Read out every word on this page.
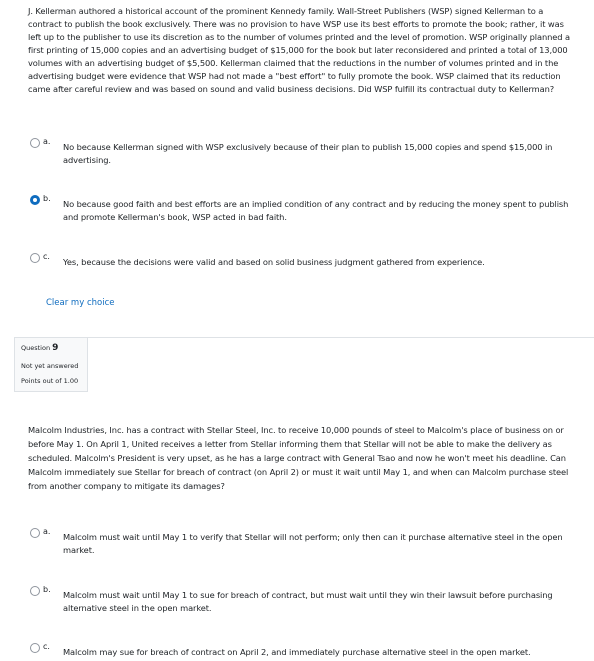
J. Kellerman authored a historical account of the prominent Kennedy family. Wall-Street Publishers (WSP) signed Kellerman to a contract to publish the book exclusively. There was no provision to have WSP use its best efforts to promote the book; rather, it was left up to the publisher to use its discretion as to the number of volumes printed and the level of promotion. WSP originally planned a first printing of 15,000 copies and an advertising budget of $15,000 for the book but later reconsidered and printed a total of 13,000 volumes with an advertising budget of $5,500. Kellerman claimed that the reductions in the number of volumes printed and in the advertising budget were evidence that WSP had not made a "best effort" to fully promote the book. WSP claimed that its reduction came after careful review and was based on sound and valid business decisions. Did WSP fulfill its contractual duty to Kellerman?
a.
No because Kellerman signed with WSP exclusively because of their plan to publish 15,000 copies and spend $15,000 in advertising.
b.
No because good faith and best efforts are an implied condition of any contract and by reducing the money spent to publish and promote Kellerman's book, WSP acted in bad faith.
c.
Yes, because the decisions were valid and based on solid business judgment gathered from experience.
Clear my choice
Question 9
Not yet answered
Points out of 1.00
Malcolm Industries, Inc. has a contract with Stellar Steel, Inc. to receive 10,000 pounds of steel to Malcolm's place of business on or before May 1. On April 1, United receives a letter from Stellar informing them that Stellar will not be able to make the delivery as scheduled. Malcolm's President is very upset, as he has a large contract with General Tsao and now he won't meet his deadline. Can Malcolm immediately sue Stellar for breach of contract (on April 2) or must it wait until May 1, and when can Malcolm purchase steel from another company to mitigate its damages?
a.
Malcolm must wait until May 1 to verify that Stellar will not perform; only then can it purchase alternative steel in the open market.
b.
Malcolm must wait until May 1 to sue for breach of contract, but must wait until they win their lawsuit before purchasing alternative steel in the open market.
c.
Malcolm may sue for breach of contract on April 2, and immediately purchase alternative steel in the open market.
